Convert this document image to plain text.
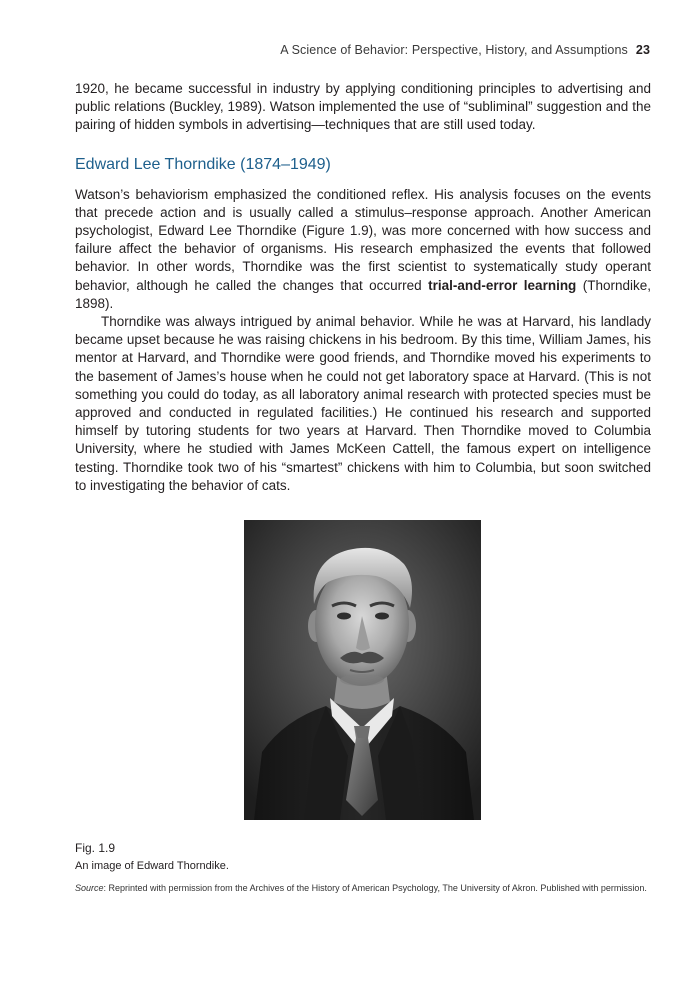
A Science of Behavior: Perspective, History, and Assumptions 23

1920, he became successful in industry by applying conditioning principles to advertising and public relations (Buckley, 1989). Watson implemented the use of “subliminal” suggestion and the pairing of hidden symbols in advertising—techniques that are still used today.

Edward Lee Thorndike (1874–1949)

Watson’s behaviorism emphasized the conditioned reflex. His analysis focuses on the events that precede action and is usually called a stimulus–response approach. Another American psychologist, Edward Lee Thorndike (Figure 1.9), was more concerned with how success and failure affect the behavior of organisms. His research emphasized the events that followed behavior. In other words, Thorndike was the first scientist to systematically study operant behavior, although he called the changes that occurred trial-and-error learning (Thorndike, 1898).

Thorndike was always intrigued by animal behavior. While he was at Harvard, his landlady became upset because he was raising chickens in his bedroom. By this time, William James, his mentor at Harvard, and Thorndike were good friends, and Thorndike moved his experiments to the basement of James’s house when he could not get laboratory space at Harvard. (This is not something you could do today, as all laboratory animal research with protected species must be approved and conducted in regulated facilities.) He continued his research and supported himself by tutoring students for two years at Harvard. Then Thorndike moved to Columbia University, where he studied with James McKeen Cattell, the famous expert on intelligence testing. Thorndike took two of his “smartest” chickens with him to Columbia, but soon switched to investigating the behavior of cats.

Fig. 1.9
An image of Edward Thorndike.
Source: Reprinted with permission from the Archives of the History of American Psychology, The University of Akron. Published with permission.
